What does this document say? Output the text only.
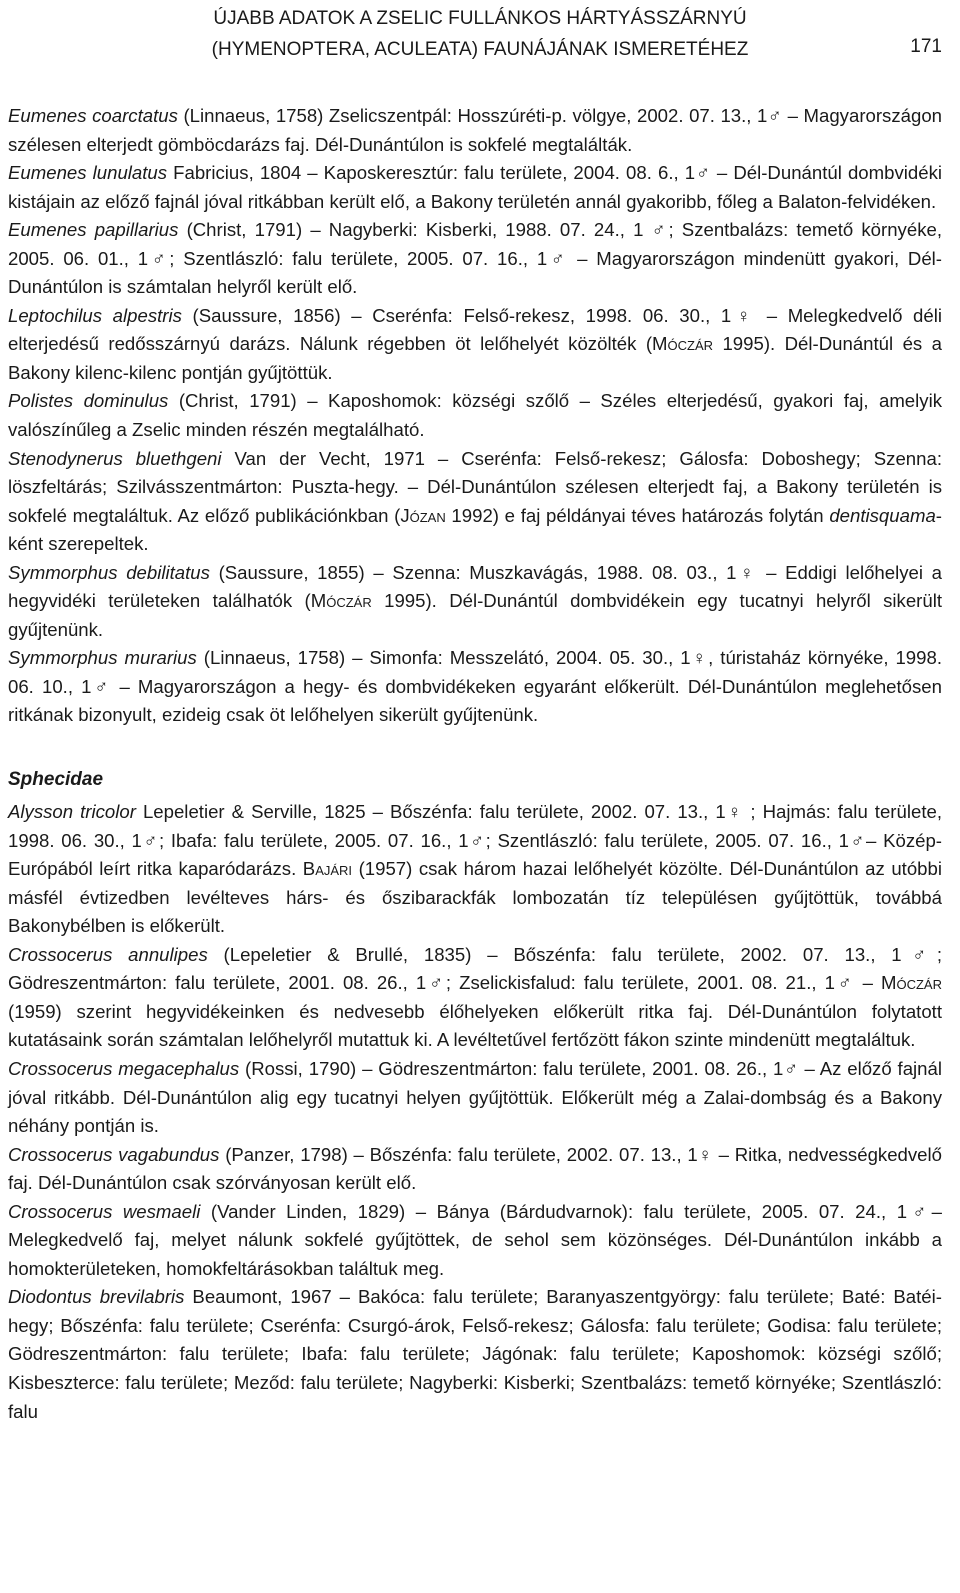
ÚJABB ADATOK A ZSELIC FULLÁNKOS HÁRTYÁSSZÁRNYÚ
(HYMENOPTERA, ACULEATA) FAUNÁJÁNAK ISMERETÉHEZ	171

Eumenes coarctatus (Linnaeus, 1758) Zselicszentpál: Hosszúréti-p. völgye, 2002. 07. 13., 1♂ – Magyarországon szélesen elterjedt gömböcdarázs faj. Dél-Dunántúlon is sokfelé megtalálták.

Eumenes lunulatus Fabricius, 1804 – Kaposkeresztúr: falu területe, 2004. 08. 6., 1♂ – Dél-Dunántúl dombvidéki kistájain az előző fajnál jóval ritkábban került elő, a Bakony területén annál gyakoribb, főleg a Balaton-felvidéken.

Eumenes papillarius (Christ, 1791) – Nagyberki: Kisberki, 1988. 07. 24., 1 ♂; Szentbalázs: temető környéke, 2005. 06. 01., 1♂; Szentlászló: falu területe, 2005. 07. 16., 1♂ – Magyarországon mindenütt gyakori, Dél-Dunántúlon is számtalan helyről került elő.

Leptochilus alpestris (Saussure, 1856) – Cserénfa: Felső-rekesz, 1998. 06. 30., 1♀ – Melegkedvelő déli elterjedésű redősszárnyú darázs. Nálunk régebben öt lelőhelyét közölték (Móczár 1995). Dél-Dunántúl és a Bakony kilenc-kilenc pontján gyűjtöttük.

Polistes dominulus (Christ, 1791) – Kaposhomok: községi szőlő – Széles elterjedésű, gyakori faj, amelyik valószínűleg a Zselic minden részén megtalálható.

Stenodynerus bluethgeni Van der Vecht, 1971 – Cserénfa: Felső-rekesz; Gálosfa: Doboshegy; Szenna: löszfeltárás; Szilvásszentmárton: Puszta-hegy. – Dél-Dunántúlon szélesen elterjedt faj, a Bakony területén is sokfelé megtaláltuk. Az előző publikációnkban (Józan 1992) e faj példányai téves határozás folytán dentisquama-ként szerepeltek.

Symmorphus debilitatus (Saussure, 1855) – Szenna: Muszkavágás, 1988. 08. 03., 1♀ – Eddigi lelőhelyei a hegyvidéki területeken találhatók (Móczár 1995). Dél-Dunántúl dombvidékein egy tucatnyi helyről sikerült gyűjtenünk.

Symmorphus murarius (Linnaeus, 1758) – Simonfa: Messzelátó, 2004. 05. 30., 1♀, túristaház környéke, 1998. 06. 10., 1♂ – Magyarországon a hegy- és dombvidékeken egyaránt előkerült. Dél-Dunántúlon meglehetősen ritkának bizonyult, ezideig csak öt lelőhelyen sikerült gyűjtenünk.

Sphecidae

Alysson tricolor Lepeletier & Serville, 1825 – Bőszénfa: falu területe, 2002. 07. 13., 1♀ ; Hajmás: falu területe, 1998. 06. 30., 1♂; Ibafa: falu területe, 2005. 07. 16., 1♂; Szentlászló: falu területe, 2005. 07. 16., 1♂– Közép-Európából leírt ritka kaparódarázs. Bajári (1957) csak három hazai lelőhelyét közölte. Dél-Dunántúlon az utóbbi másfél évtizedben levélteves hárs- és őszibarackfák lombozatán tíz településen gyűjtöttük, továbbá Bakonybélben is előkerült.

Crossocerus annulipes (Lepeletier & Brullé, 1835) – Bőszénfa: falu területe, 2002. 07. 13., 1♂; Gödreszentmárton: falu területe, 2001. 08. 26., 1♂; Zselickisfalud: falu területe, 2001. 08. 21., 1♂ – Móczár (1959) szerint hegyvidékeinken és nedvesebb élőhelyeken előkerült ritka faj. Dél-Dunántúlon folytatott kutatásaink során számtalan lelőhelyről mutattuk ki. A levéltetűvel fertőzött fákon szinte mindenütt megtaláltuk.

Crossocerus megacephalus (Rossi, 1790) – Gödreszentmárton: falu területe, 2001. 08. 26., 1♂ – Az előző fajnál jóval ritkább. Dél-Dunántúlon alig egy tucatnyi helyen gyűjtöttük. Előkerült még a Zalai-dombság és a Bakony néhány pontján is.

Crossocerus vagabundus (Panzer, 1798) – Bőszénfa: falu területe, 2002. 07. 13., 1♀ – Ritka, nedvességkedvelő faj. Dél-Dunántúlon csak szórványosan került elő.

Crossocerus wesmaeli (Vander Linden, 1829) – Bánya (Bárdudvarnok): falu területe, 2005. 07. 24., 1♂– Melegkedvelő faj, melyet nálunk sokfelé gyűjtöttek, de sehol sem közönséges. Dél-Dunántúlon inkább a homokterületeken, homokfeltárásokban találtuk meg.

Diodontus brevilabris Beaumont, 1967 – Bakóca: falu területe; Baranyaszentgyörgy: falu területe; Baté: Batéi-hegy; Bőszénfa: falu területe; Cserénfa: Csurgó-árok, Felső-rekesz; Gálosfa: falu területe; Godisa: falu területe; Gödreszentmárton: falu területe; Ibafa: falu területe; Jágónak: falu területe; Kaposhomok: községi szőlő; Kisbeszterce: falu területe; Meződ: falu területe; Nagyberki: Kisberki; Szentbalázs: temető környéke; Szentlászló: falu
